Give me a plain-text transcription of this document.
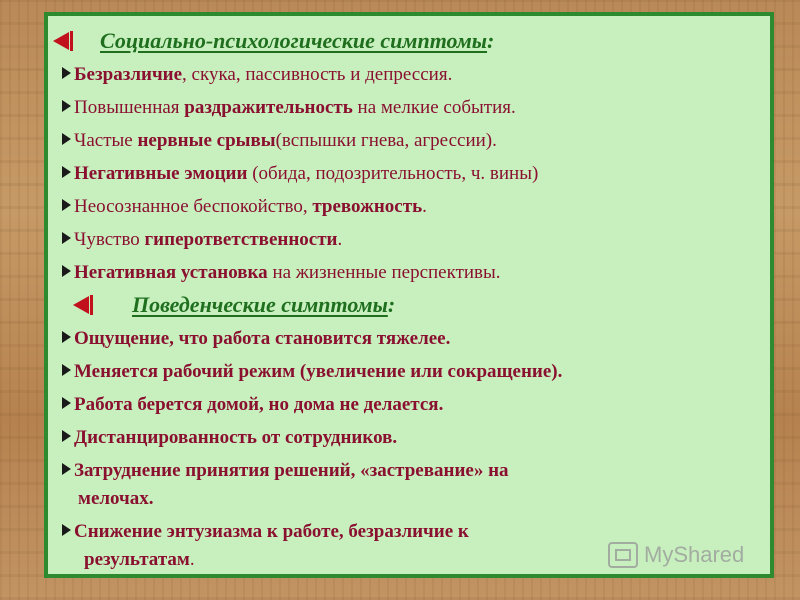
Социально-психологические симптомы :
Безразличие, скука, пассивность и депрессия.
Повышенная раздражительность на мелкие события.
Частые нервные срывы(вспышки гнева, агрессии).
Негативные эмоции (обида, подозрительность, ч. вины)
Неосознанное беспокойство, тревожность.
Чувство гиперответственности.
Негативная установка на жизненные перспективы.
Поведенческие симптомы :
Ощущение, что работа становится тяжелее.
Меняется рабочий режим (увеличение или сокращение).
Работа берется домой, но дома не делается.
Дистанцированность от сотрудников.
Затруднение принятия решений, «застревание» на
мелочах.
Снижение энтузиазма к работе, безразличие к
результатам.	MyShared
